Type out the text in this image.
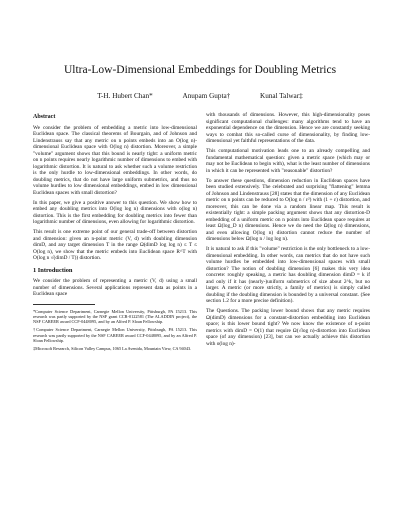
Ultra-Low-Dimensional Embeddings for Doubling Metrics
T-H. Hubert Chan*	Anupam Gupta†	Kunal Talwar‡
Abstract

We consider the problem of embedding a metric into low-dimensional Euclidean space. The classical theorems of Bourgain, and of Johnson and Lindenstrauss say that any metric on n points embeds into an O(log n)-dimensional Euclidean space with O(log n) distortion. Moreover, a simple "volume" argument shows that this bound is nearly tight: a uniform metric on n points requires nearly logarithmic number of dimensions to embed with logarithmic distortion. It is natural to ask whether such a volume restriction is the only hurdle to low-dimensional embeddings. In other words, do doubling metrics, that do not have large uniform submetrics, and thus no volume hurdles to low dimensional embeddings, embed in low dimensional Euclidean spaces with small distortion?

In this paper, we give a positive answer to this question. We show how to embed any doubling metrics into O(log log n) dimensions with o(log n) distortion. This is the first embedding for doubling metrics into fewer than logarithmic number of dimensions, even allowing for logarithmic distortion.

This result is one extreme point of our general trade-off between distortion and dimension: given an n-point metric (V, d) with doubling dimension dimD, and any target dimension T in the range Ω(dimD log log n) ≤ T ≤ O(log n), we show that the metric embeds into Euclidean space R^T with O(log n √(dimD / T)) distortion.

1 Introduction

We consider the problem of representing a metric (V, d) using a small number of dimensions. Several applications represent data as points in a Euclidean space

*Computer Science Department, Carnegie Mellon University, Pittsburgh, PA 15213. This research was partly supported by the NSF grant CCR-0122581 (The ALADDIN project), the NSF CAREER award CCF-0448095, and by an Alfred P. Sloan Fellowship.
†Computer Science Department, Carnegie Mellon University, Pittsburgh, PA 15213. This research was partly supported by the NSF CAREER award CCF-0448095, and by an Alfred P. Sloan Fellowship.
‡Microsoft Research, Silicon Valley Campus, 1065 La Avenida, Mountain View, CA 94043.

with thousands of dimensions. However, this high-dimensionality poses significant computational challenges: many algorithms tend to have an exponential dependence on the dimension. Hence we are constantly seeking ways to combat this so-called curse of dimensionality, by finding low-dimensional yet faithful representations of the data.

This computational motivation leads one to an already compelling and fundamental mathematical question: given a metric space (which may or may not be Euclidean to begin with), what is the least number of dimensions in which it can be represented with "reasonable" distortion?

To answer these questions, dimension reduction in Euclidean spaces have been studied extensively. The celebrated and surprising "flattening" lemma of Johnson and Lindenstrauss [28] states that the dimension of any Euclidean metric on n points can be reduced to O(log n / ε²) with (1 + ε) distortion, and moreover, this can be done via a random linear map. This result is existentially tight: a simple packing argument shows that any distortion-D embedding of a uniform metric on n points into Euclidean space requires at least Ω(log_D n) dimensions. Hence we do need the Ω(log n) dimensions, and even allowing O(log n) distortion cannot reduce the number of dimensions below Ω(log n / log log n).

It is natural to ask if this "volume" restriction is the only bottleneck to a low-dimensional embedding. In other words, can metrics that do not have such volume hurdles be embedded into low-dimensional spaces with small distortion? The notion of doubling dimension [6] makes this very idea concrete: roughly speaking, a metric has doubling dimension dimD = k if and only if it has (nearly-)uniform submetrics of size about 2^k, but no larger. A metric (or more strictly, a family of metrics) is simply called doubling if the doubling dimension is bounded by a universal constant. (See section 1.2 for a more precise definition).

The Questions. The packing lower bound shows that any metric requires Ω(dimD) dimensions for a constant-distortion embedding into Euclidean space; is this lower bound tight? We now know the existence of n-point metrics with dimD = O(1) that require Ω(√log n)-distortion into Euclidean space (of any dimension) [23], but can we actually achieve this distortion with o(log n)-
